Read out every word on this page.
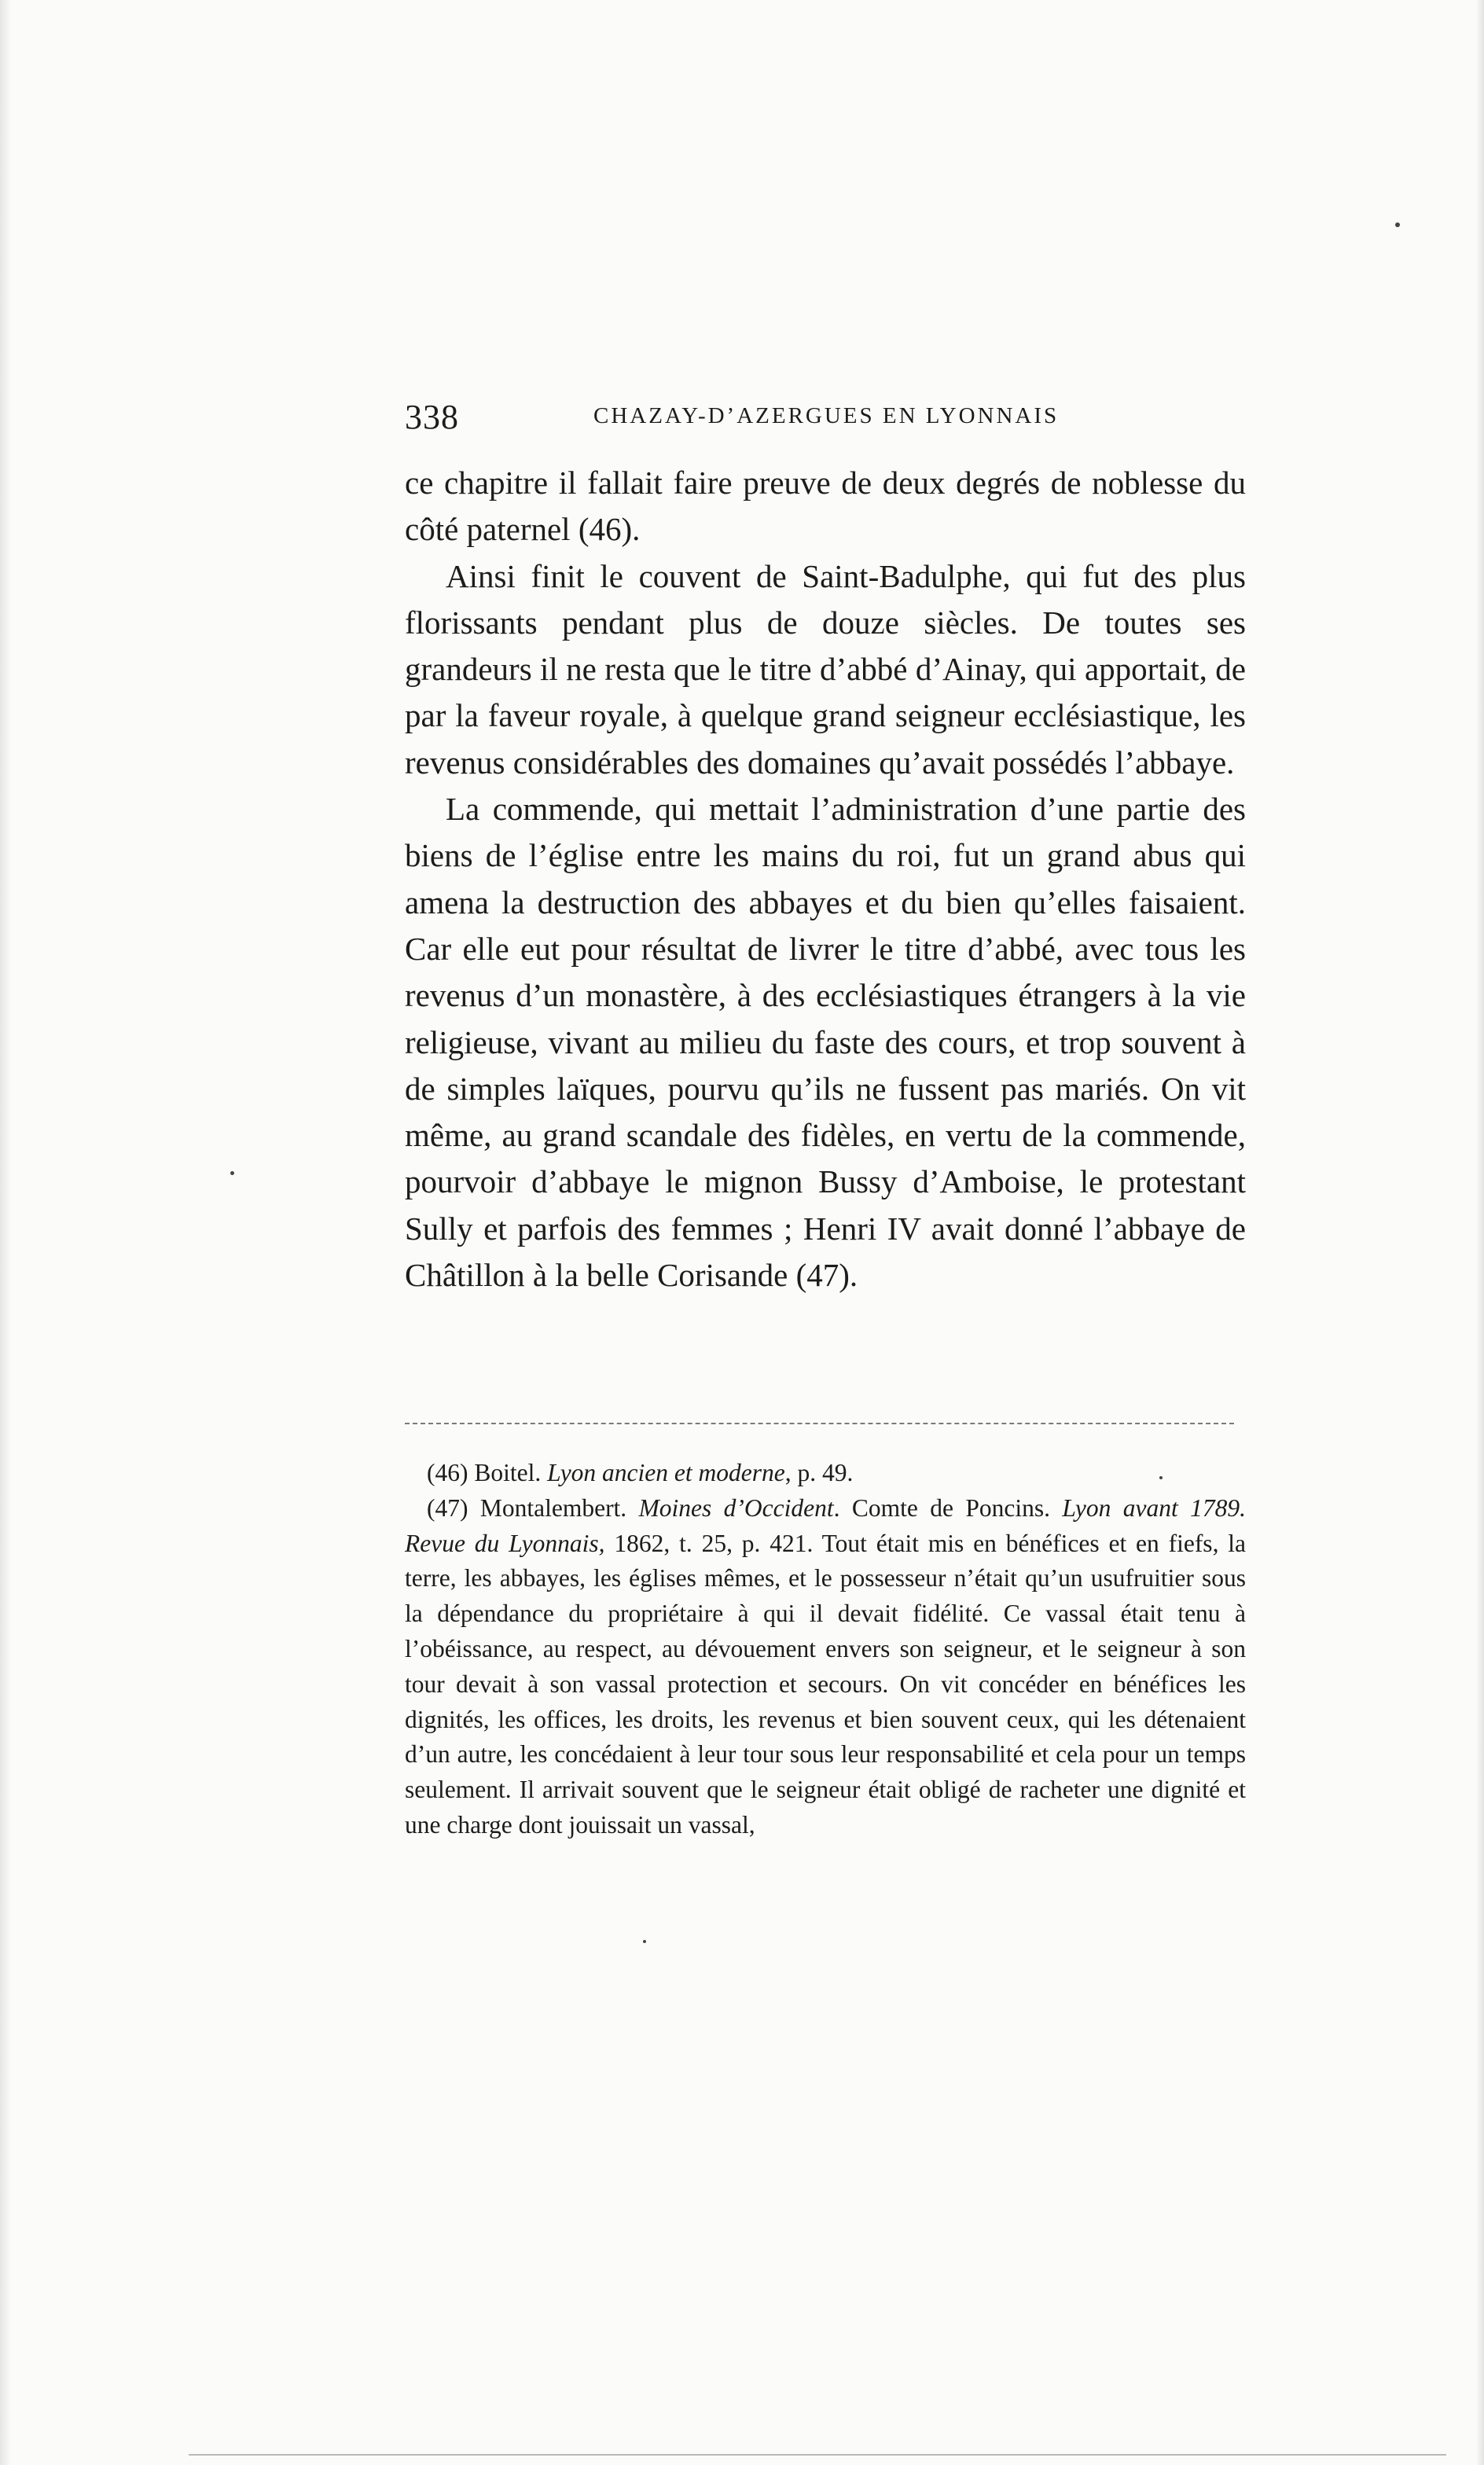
338	CHAZAY-D’AZERGUES EN LYONNAIS

ce chapitre il fallait faire preuve de deux degrés de noblesse du côté paternel (46).

Ainsi finit le couvent de Saint-Badulphe, qui fut des plus florissants pendant plus de douze siècles. De toutes ses grandeurs il ne resta que le titre d’abbé d’Ainay, qui apportait, de par la faveur royale, à quelque grand seigneur ecclésiastique, les revenus considérables des domaines qu’avait possédés l’abbaye.

La commende, qui mettait l’administration d’une partie des biens de l’église entre les mains du roi, fut un grand abus qui amena la destruction des abbayes et du bien qu’elles faisaient. Car elle eut pour résultat de livrer le titre d’abbé, avec tous les revenus d’un monastère, à des ecclésiastiques étrangers à la vie religieuse, vivant au milieu du faste des cours, et trop souvent à de simples laïques, pourvu qu’ils ne fussent pas mariés. On vit même, au grand scandale des fidèles, en vertu de la commende, pourvoir d’abbaye le mignon Bussy d’Amboise, le protestant Sully et parfois des femmes ; Henri IV avait donné l’abbaye de Châtillon à la belle Corisande (47).

(46) Boitel. Lyon ancien et moderne, p. 49.

(47) Montalembert. Moines d’Occident. Comte de Poncins. Lyon avant 1789. Revue du Lyonnais, 1862, t. 25, p. 421. Tout était mis en bénéfices et en fiefs, la terre, les abbayes, les églises mêmes, et le possesseur n’était qu’un usufruitier sous la dépendance du propriétaire à qui il devait fidélité. Ce vassal était tenu à l’obéissance, au respect, au dévouement envers son seigneur, et le seigneur à son tour devait à son vassal protection et secours. On vit concéder en bénéfices les dignités, les offices, les droits, les revenus et bien souvent ceux, qui les détenaient d’un autre, les concédaient à leur tour sous leur responsabilité et cela pour un temps seulement. Il arrivait souvent que le seigneur était obligé de racheter une dignité et une charge dont jouissait un vassal,
